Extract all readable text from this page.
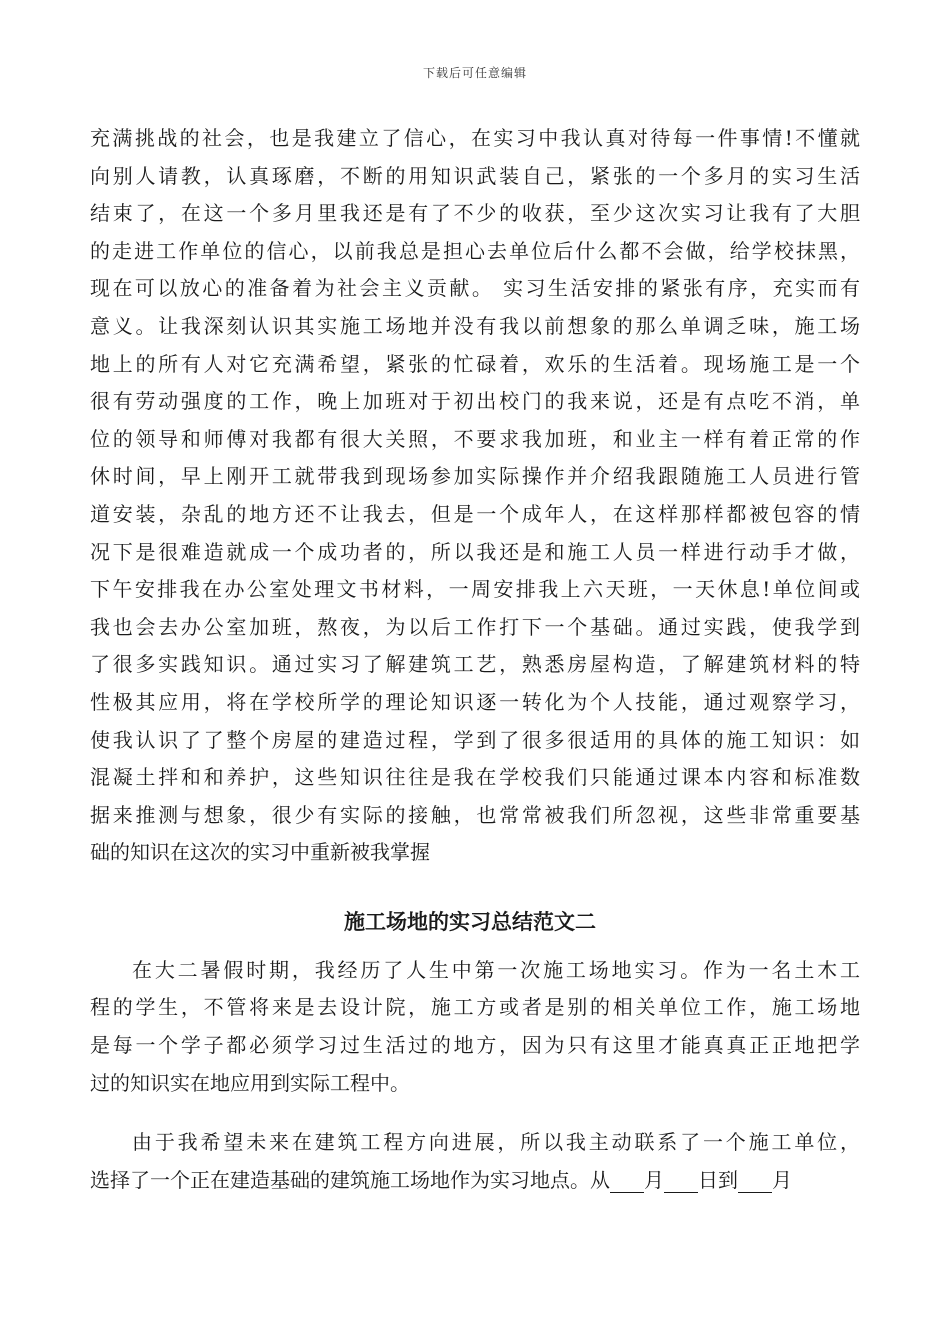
下载后可任意编辑
充满挑战的社会，也是我建立了信心，在实习中我认真对待每一件事情!不懂就
向别人请教，认真琢磨，不断的用知识武装自己，紧张的一个多月的实习生活
结束了，在这一个多月里我还是有了不少的收获，至少这次实习让我有了大胆
的走进工作单位的信心，以前我总是担心去单位后什么都不会做，给学校抹黑，
现在可以放心的准备着为社会主义贡献。 实习生活安排的紧张有序，充实而有
意义。让我深刻认识其实施工场地并没有我以前想象的那么单调乏味，施工场
地上的所有人对它充满希望，紧张的忙碌着，欢乐的生活着。现场施工是一个
很有劳动强度的工作，晚上加班对于初出校门的我来说，还是有点吃不消，单
位的领导和师傅对我都有很大关照，不要求我加班，和业主一样有着正常的作
休时间，早上刚开工就带我到现场参加实际操作并介绍我跟随施工人员进行管
道安装，杂乱的地方还不让我去，但是一个成年人，在这样那样都被包容的情
况下是很难造就成一个成功者的，所以我还是和施工人员一样进行动手才做，
下午安排我在办公室处理文书材料，一周安排我上六天班，一天休息!单位间或
我也会去办公室加班，熬夜，为以后工作打下一个基础。通过实践，使我学到
了很多实践知识。通过实习了解建筑工艺，熟悉房屋构造，了解建筑材料的特
性极其应用，将在学校所学的理论知识逐一转化为个人技能，通过观察学习，
使我认识了了整个房屋的建造过程，学到了很多很适用的具体的施工知识：如
混凝土拌和和养护，这些知识往往是我在学校我们只能通过课本内容和标准数
据来推测与想象，很少有实际的接触，也常常被我们所忽视，这些非常重要基
础的知识在这次的实习中重新被我掌握
施工场地的实习总结范文二
在大二暑假时期，我经历了人生中第一次施工场地实习。作为一名土木工
程的学生，不管将来是去设计院，施工方或者是别的相关单位工作，施工场地
是每一个学子都必须学习过生活过的地方，因为只有这里才能真真正正地把学
过的知识实在地应用到实际工程中。
由于我希望未来在建筑工程方向进展，所以我主动联系了一个施工单位，
选择了一个正在建造基础的建筑施工场地作为实习地点。从 月 日到 月
